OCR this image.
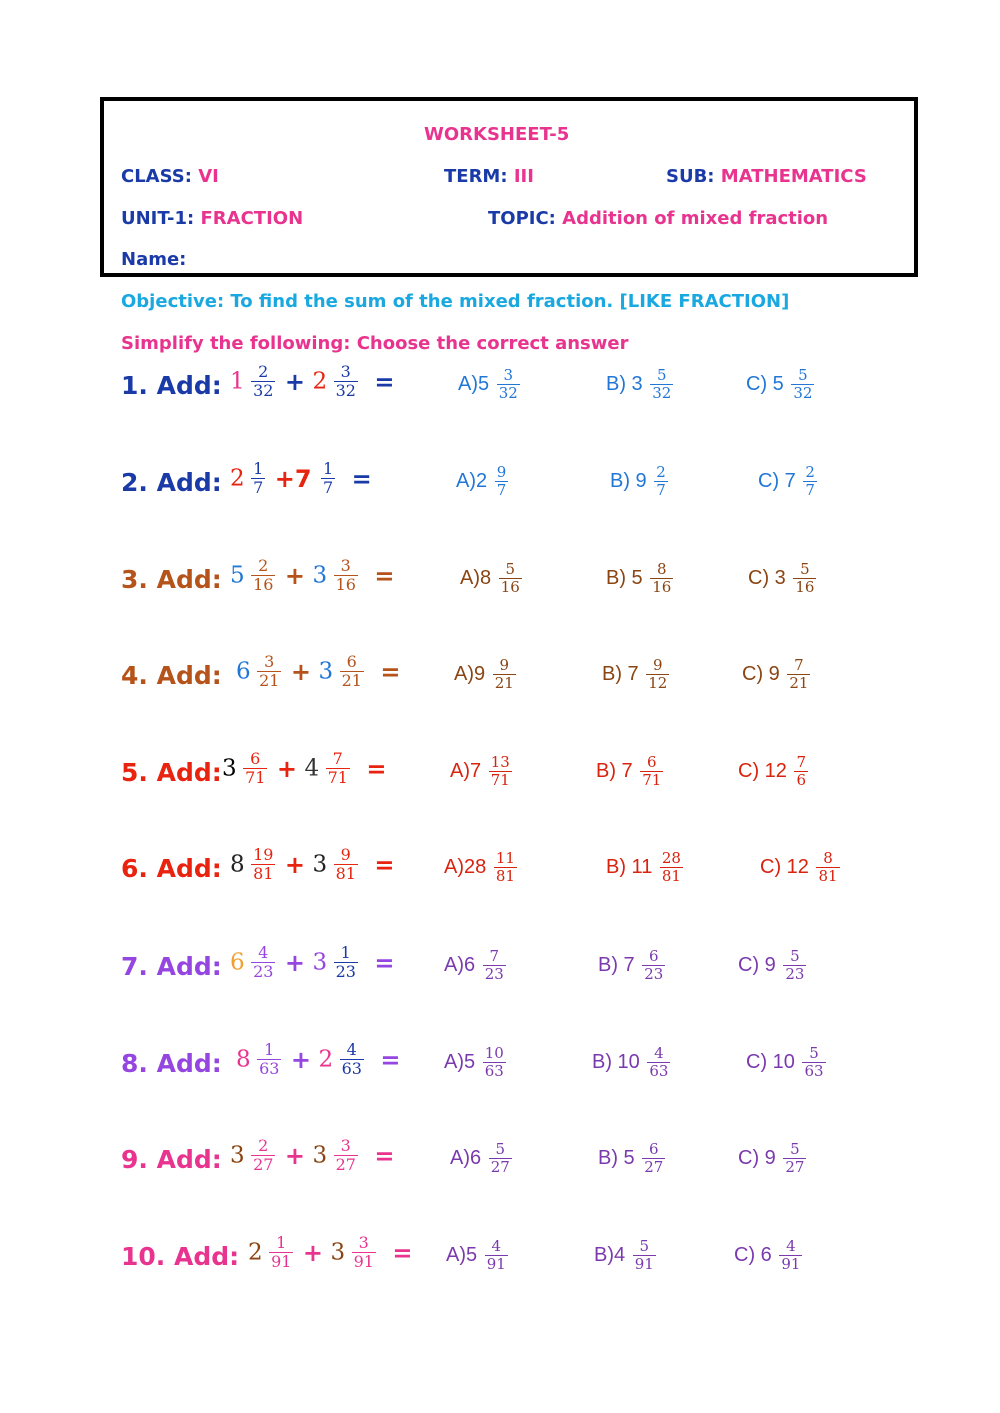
WORKSHEET-5
CLASS: VI	TERM: III	SUB: MATHEMATICS
UNIT-1: FRACTION	TOPIC: Addition of mixed fraction
Name:
Objective: To find the sum of the mixed fraction. [LIKE FRACTION]
Simplify the following: Choose the correct answer
1. Add: $1 \frac{2}{32} + 2 \frac{3}{32}$ =	$A)5 \frac{3}{32}$	B) $3 \frac{5}{32}$	C) $5 \frac{5}{32}$
2. Add: $2 \frac{1}{7} +7 \frac{1}{7}$ =	$A)2 \frac{9}{7}$	B) $9 \frac{2}{7}$	C) $7 \frac{2}{7}$
3. Add: $5 \frac{2}{16} + 3 \frac{3}{16}$ =	$A)8 \frac{5}{16}$	B) $5 \frac{8}{16}$	C) $3 \frac{5}{16}$
4. Add: $6 \frac{3}{21} + 3 \frac{6}{21}$ =	$A)9 \frac{9}{21}$	B) $7 \frac{9}{12}$	C) $9 \frac{7}{21}$
5. Add: $3 \frac{6}{71} + 4 \frac{7}{71}$ =	$A)7 \frac{13}{71}$	B) $7 \frac{6}{71}$	C) $12 \frac{7}{6}$
6. Add: $8 \frac{19}{81} + 3 \frac{9}{81} = A)28 \frac{11}{81}$	B) $11 \frac{28}{81}$	C) $12 \frac{8}{81}$
7. Add: $6 \frac{4}{23} + 3 \frac{1}{23} = A)6 \frac{7}{23}$	B) $7 \frac{6}{23}$	C) $9 \frac{5}{23}$
8. Add: $8 \frac{1}{63} + 2 \frac{4}{63} = A)5 \frac{10}{63}$	B) $10 \frac{4}{63}$	C) $10 \frac{5}{63}$
9. Add: $3 \frac{2}{27} + 3 \frac{3}{27}$ =	$A)6 \frac{5}{27}$	B) $5 \frac{6}{27}$	C) $9 \frac{5}{27}$
10. Add: $2 \frac{1}{91} + 3 \frac{3}{91} = A)5 \frac{4}{91}$	$B)4 \frac{5}{91}$	C) $6 \frac{4}{91}$
